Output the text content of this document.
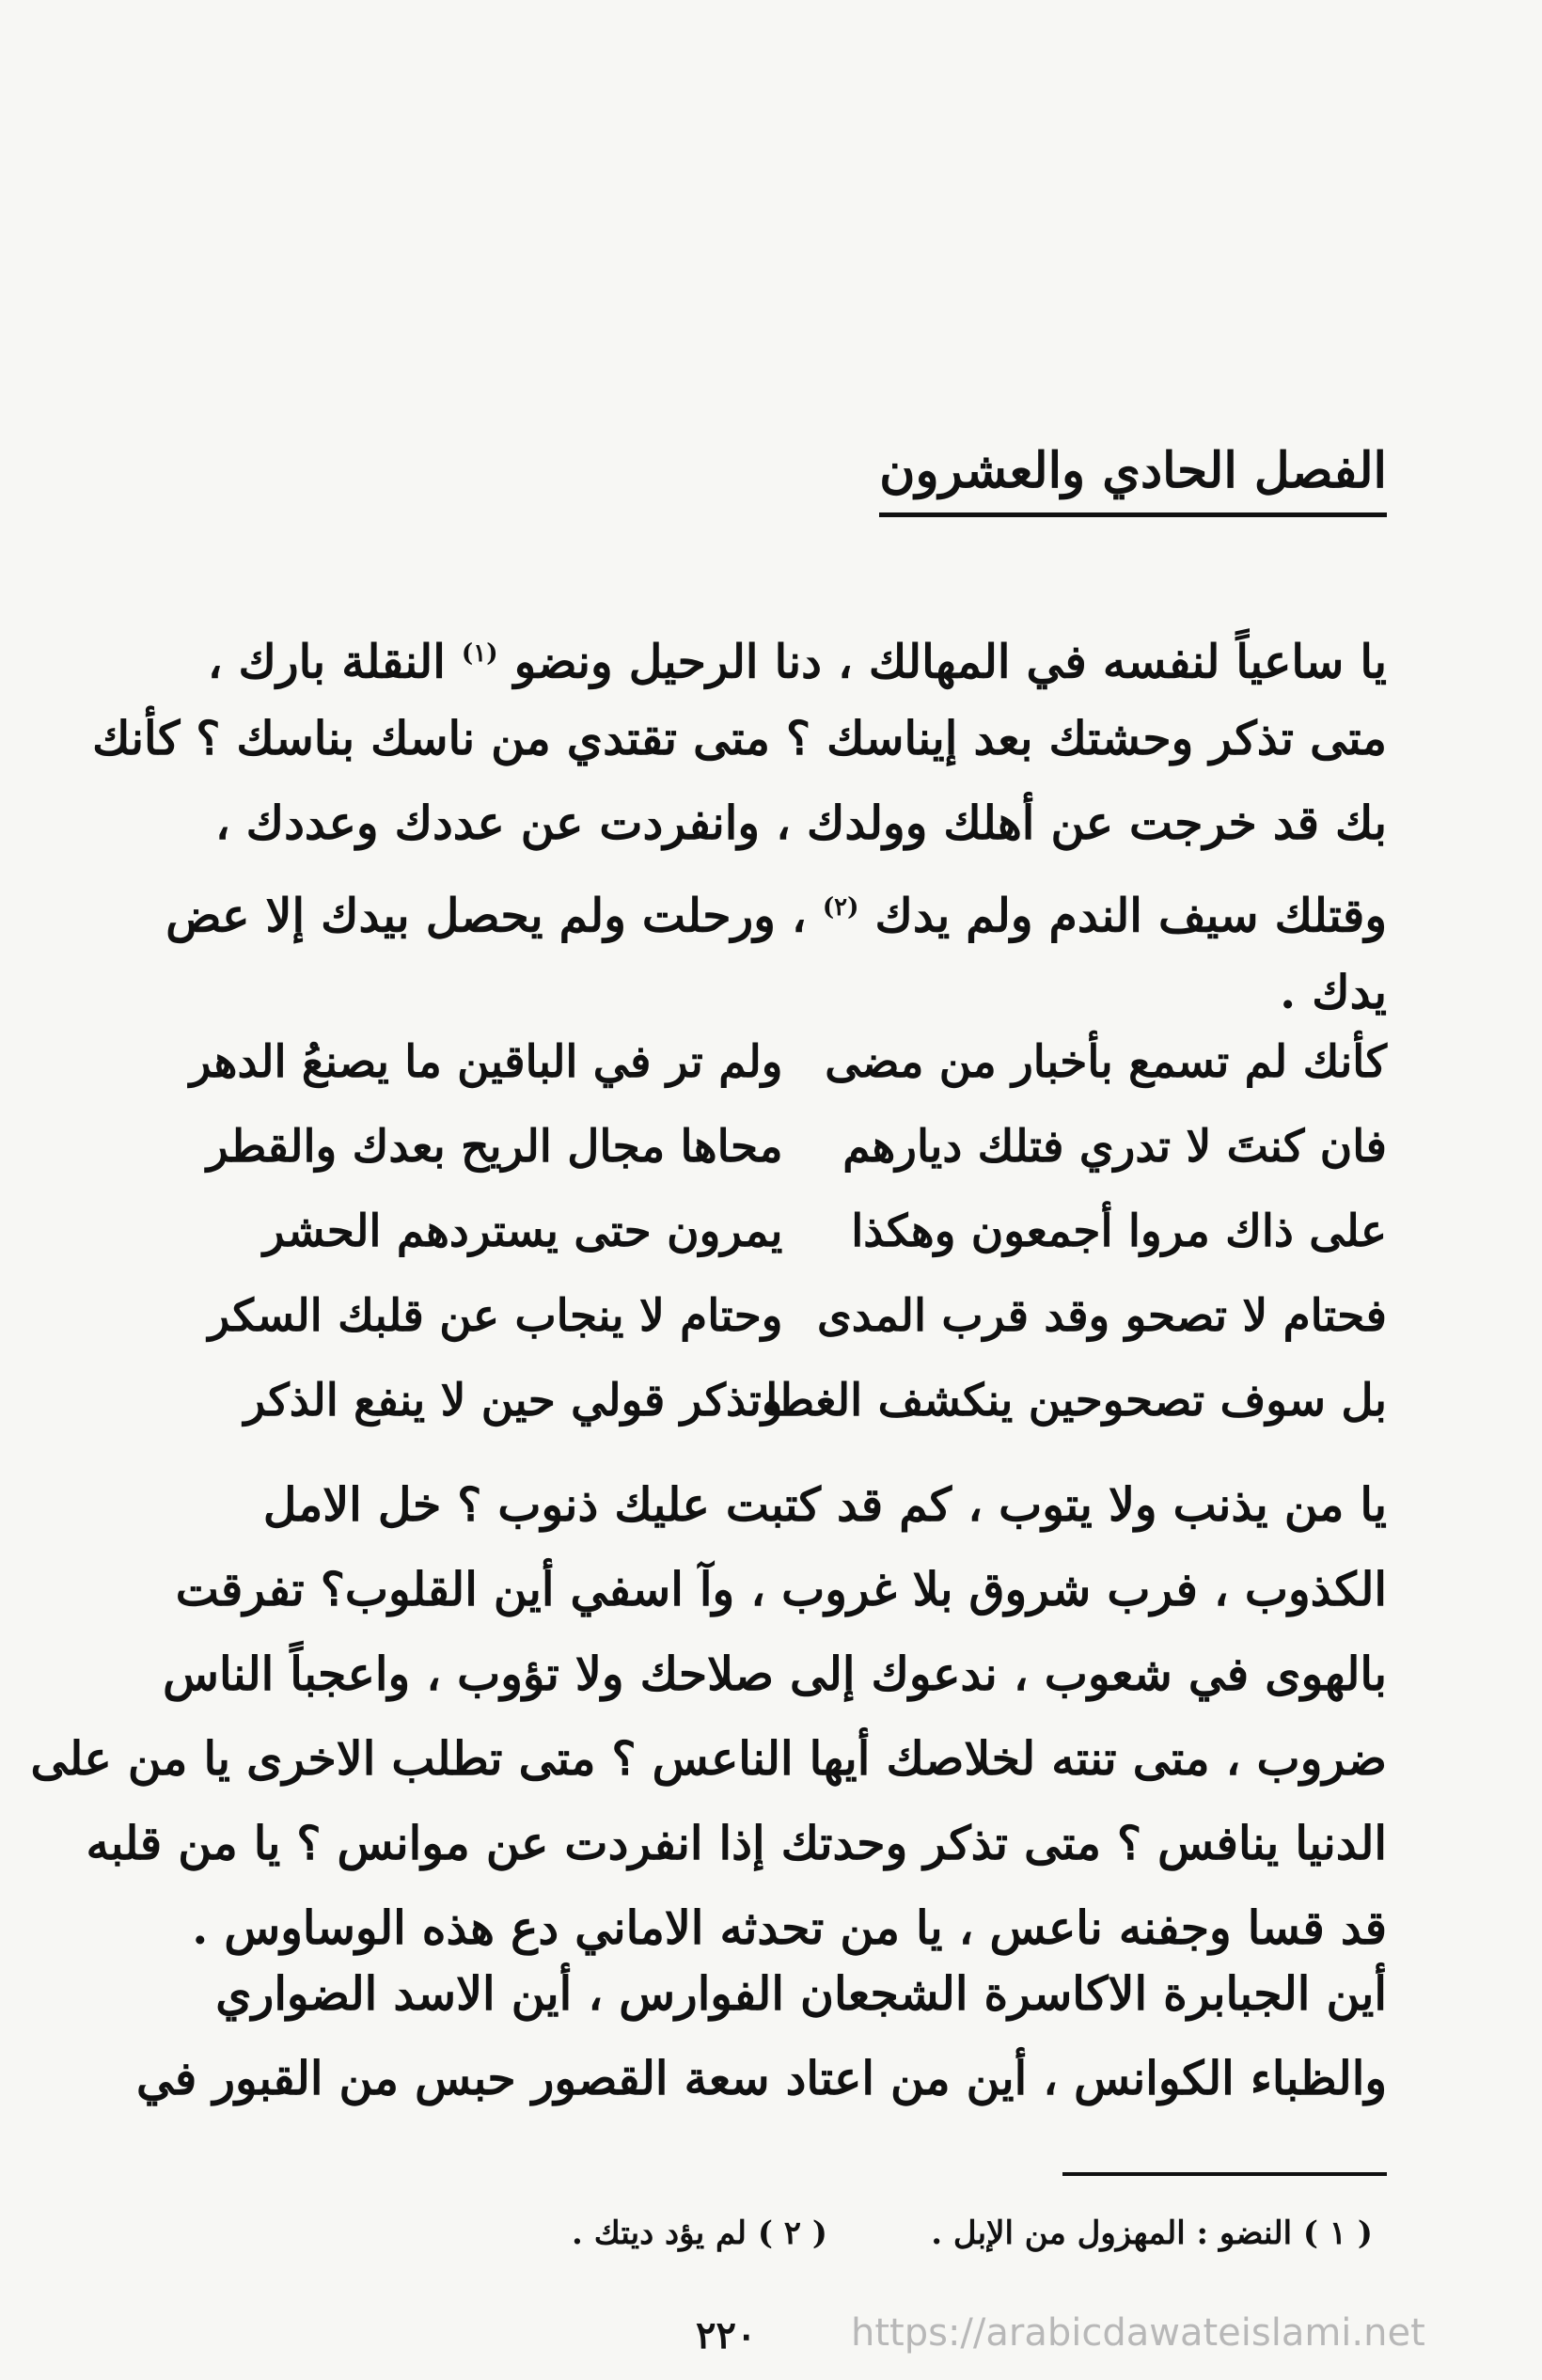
الفصل الحادي والعشرون
يا ساعياً لنفسه في المهالك ، دنا الرحيل ونضو $^{(١)}$ النقلة بارك ،
متى تذكر وحشتك بعد إيناسك ؟ متى تقتدي من ناسك بناسك ؟ كأنك
بك قد خرجت عن أهلك وولدك ، وانفردت عن عددك وعددك ،
وقتلك سيف الندم ولم يدك $^{(٢)}$ ، ورحلت ولم يحصل بيدك إلا عض
يدك .
كأنك لم تسمع بأخبار من مضى
ولم تر في الباقين ما يصنعُ الدهر
فان كنتَ لا تدري فتلك ديارهم
محاها مجال الريح بعدك والقطر
على ذاك مروا أجمعون وهكذا
يمرون حتى يستردهم الحشر
فحتام لا تصحو وقد قرب المدى
وحتام لا ينجاب عن قلبك السكر
بل سوف تصحوحين ينكشف الغطا
وتذكر قولي حين لا ينفع الذكر
يا من يذنب ولا يتوب ، كم قد كتبت عليك ذنوب ؟ خل الامل
الكذوب ، فرب شروق بلا غروب ، وآ اسفي أين القلوب؟ تفرقت
بالهوى في شعوب ، ندعوك إلى صلاحك ولا تؤوب ، واعجباً الناس
ضروب ، متى تنته لخلاصك أيها الناعس ؟ متى تطلب الاخرى يا من على
الدنيا ينافس ؟ متى تذكر وحدتك إذا انفردت عن موانس ؟ يا من قلبه
قد قسا وجفنه ناعس ، يا من تحدثه الاماني دع هذه الوساوس .
أين الجبابرة الاكاسرة الشجعان الفوارس ، أين الاسد الضواري
والظباء الكوانس ، أين من اعتاد سعة القصور حبس من القبور في
( ١ ) النضو : المهزول من الإبل .
( ٢ ) لم يؤد ديتك .
٢٢٠	https://arabicdawateislami.net
